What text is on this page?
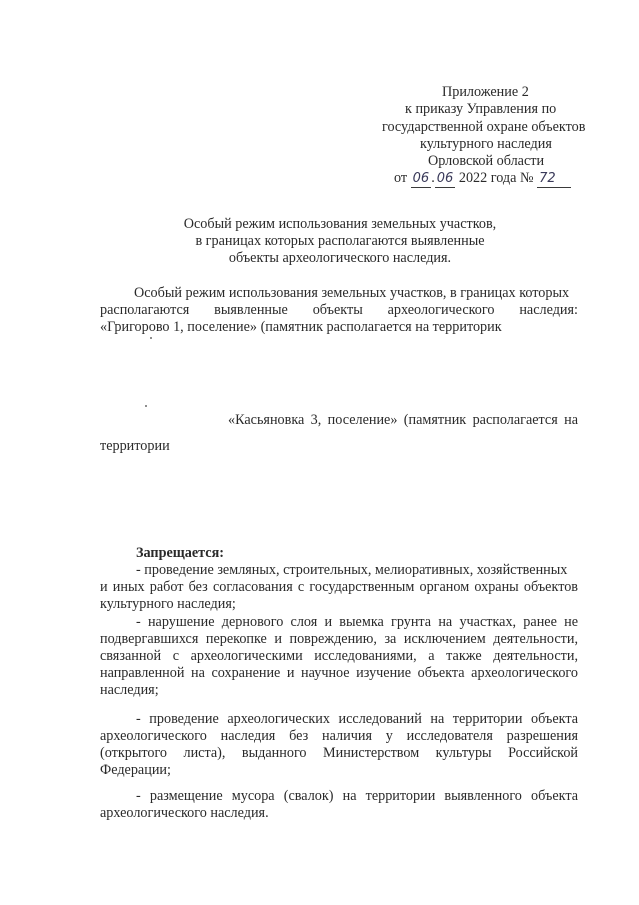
Приложение 2
к приказу Управления по
государственной охране объектов
культурного наследия
Орловской области
от 06 . 06 2022 года № 72
Особый режим использования земельных участков,
в границах которых располагаются выявленные
объекты археологического наследия.
Особый режим использования земельных участков, в границах которых
располагаются выявленные объекты археологического наследия:
«Григорово 1, поселение» (памятник располагается на территорик
«Касьяновка 3, поселение» (памятник располагается на
территории
Запрещается:
- проведение земляных, строительных, мелиоративных, хозяйственных
и иных работ без согласования с государственным органом охраны объектов
культурного наследия;
- нарушение дернового слоя и выемка грунта на участках, ранее не
подвергавшихся перекопке и повреждению, за исключением деятельности,
связанной с археологическими исследованиями, а также деятельности,
направленной на сохранение и научное изучение объекта археологического
наследия;
- проведение археологических исследований на территории объекта
археологического наследия без наличия у исследователя разрешения
(открытого листа), выданного Министерством культуры Российской
Федерации;
- размещение мусора (свалок) на территории выявленного объекта
археологического наследия.
